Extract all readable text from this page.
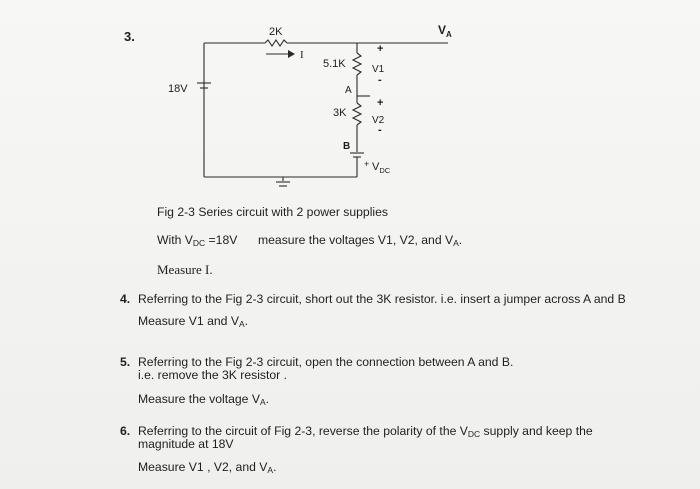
3.	2K
I
5.1K
18V	A
3K
B
+
V1
-
+
V2
-
+ $V_{DC}$
$V_A$
Fig 2-3 Series circuit with 2 power supplies
With $V_{DC} =18V$ measure the voltages V1, V2, and $V_A$.
Measure I.
4. Referring to the Fig 2-3 circuit, short out the 3K resistor. i.e. insert a jumper across A and B
Measure V1 and $V_A$.
5. Referring to the Fig 2-3 circuit, open the connection between A and B.
i.e. remove the 3K resistor .
Measure the voltage $V_A$.
6. Referring to the circuit of Fig 2-3, reverse the polarity of the $V_{DC}$ supply and keep the
magnitude at 18V
Measure V1 , V2, and $V_A$.
